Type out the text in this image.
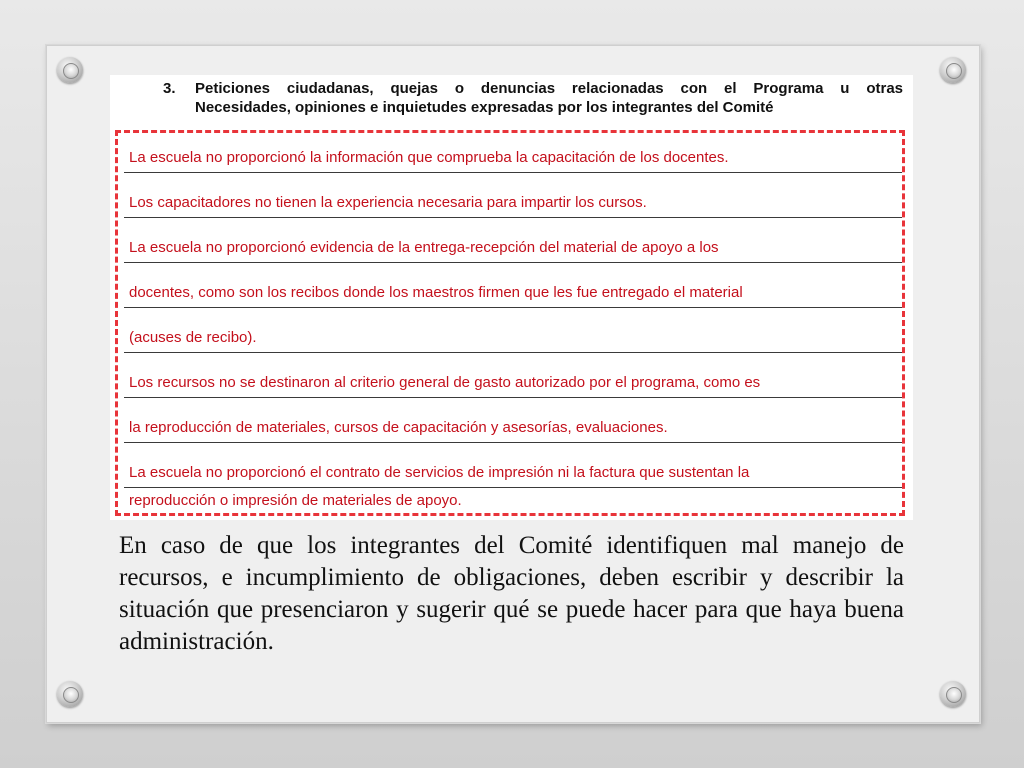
3. Peticiones ciudadanas, quejas o denuncias relacionadas con el Programa u otras
Necesidades, opiniones e inquietudes expresadas por los integrantes del Comité
La escuela no proporcionó la información que comprueba la capacitación de los docentes.
Los capacitadores no tienen la experiencia necesaria para impartir los cursos.
La escuela no proporcionó evidencia de la entrega-recepción del material de apoyo a los
docentes, como son los recibos donde los maestros firmen que les fue entregado el material
(acuses de recibo).
Los recursos no se destinaron al criterio general de gasto autorizado por el programa, como es
la reproducción de materiales, cursos de capacitación y asesorías, evaluaciones.
La escuela no proporcionó el contrato de servicios de impresión ni la factura que sustentan la
reproducción o impresión de materiales de apoyo.
En caso de que los integrantes del Comité identifiquen mal manejo de recursos, e incumplimiento de obligaciones, deben escribir y describir la situación que presenciaron y sugerir qué se puede hacer para que haya buena administración.
